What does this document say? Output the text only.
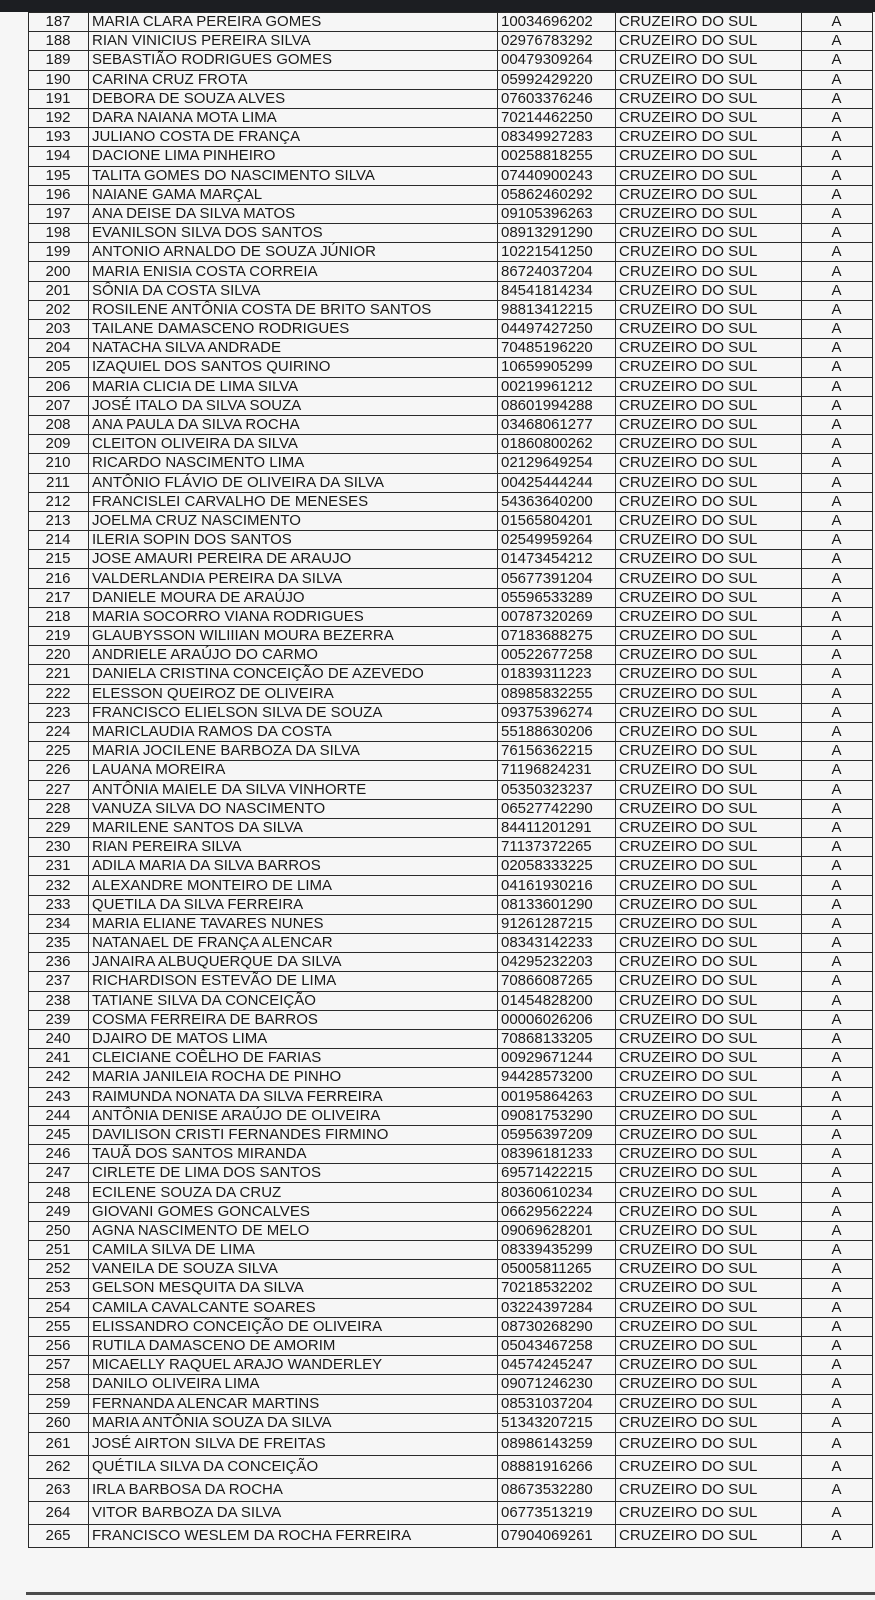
187	MARIA CLARA PEREIRA GOMES	10034696202	CRUZEIRO DO SUL	A
188	RIAN VINICIUS PEREIRA SILVA	02976783292	CRUZEIRO DO SUL	A
189	SEBASTIÃO RODRIGUES GOMES	00479309264	CRUZEIRO DO SUL	A
190	CARINA CRUZ FROTA	05992429220	CRUZEIRO DO SUL	A
191	DEBORA DE SOUZA ALVES	07603376246	CRUZEIRO DO SUL	A
192	DARA NAIANA MOTA LIMA	70214462250	CRUZEIRO DO SUL	A
193	JULIANO COSTA DE FRANÇA	08349927283	CRUZEIRO DO SUL	A
194	DACIONE LIMA PINHEIRO	00258818255	CRUZEIRO DO SUL	A
195	TALITA GOMES DO NASCIMENTO SILVA	07440900243	CRUZEIRO DO SUL	A
196	NAIANE GAMA MARÇAL	05862460292	CRUZEIRO DO SUL	A
197	ANA DEISE DA SILVA MATOS	09105396263	CRUZEIRO DO SUL	A
198	EVANILSON SILVA DOS SANTOS	08913291290	CRUZEIRO DO SUL	A
199	ANTONIO ARNALDO DE SOUZA JÚNIOR	10221541250	CRUZEIRO DO SUL	A
200	MARIA ENISIA COSTA CORREIA	86724037204	CRUZEIRO DO SUL	A
201	SÔNIA DA COSTA SILVA	84541814234	CRUZEIRO DO SUL	A
202	ROSILENE ANTÔNIA COSTA DE BRITO SANTOS	98813412215	CRUZEIRO DO SUL	A
203	TAILANE DAMASCENO RODRIGUES	04497427250	CRUZEIRO DO SUL	A
204	NATACHA SILVA ANDRADE	70485196220	CRUZEIRO DO SUL	A
205	IZAQUIEL DOS SANTOS QUIRINO	10659905299	CRUZEIRO DO SUL	A
206	MARIA CLICIA DE LIMA SILVA	00219961212	CRUZEIRO DO SUL	A
207	JOSÉ ITALO DA SILVA SOUZA	08601994288	CRUZEIRO DO SUL	A
208	ANA PAULA DA SILVA ROCHA	03468061277	CRUZEIRO DO SUL	A
209	CLEITON OLIVEIRA DA SILVA	01860800262	CRUZEIRO DO SUL	A
210	RICARDO NASCIMENTO LIMA	02129649254	CRUZEIRO DO SUL	A
211	ANTÔNIO FLÁVIO DE OLIVEIRA DA SILVA	00425444244	CRUZEIRO DO SUL	A
212	FRANCISLEI CARVALHO DE MENESES	54363640200	CRUZEIRO DO SUL	A
213	JOELMA CRUZ NASCIMENTO	01565804201	CRUZEIRO DO SUL	A
214	ILERIA SOPIN DOS SANTOS	02549959264	CRUZEIRO DO SUL	A
215	JOSE AMAURI PEREIRA DE ARAUJO	01473454212	CRUZEIRO DO SUL	A
216	VALDERLANDIA PEREIRA DA SILVA	05677391204	CRUZEIRO DO SUL	A
217	DANIELE MOURA DE ARAÚJO	05596533289	CRUZEIRO DO SUL	A
218	MARIA SOCORRO VIANA RODRIGUES	00787320269	CRUZEIRO DO SUL	A
219	GLAUBYSSON WILIIIAN MOURA BEZERRA	07183688275	CRUZEIRO DO SUL	A
220	ANDRIELE ARAÚJO DO CARMO	00522677258	CRUZEIRO DO SUL	A
221	DANIELA CRISTINA CONCEIÇÃO DE AZEVEDO	01839311223	CRUZEIRO DO SUL	A
222	ELESSON QUEIROZ DE OLIVEIRA	08985832255	CRUZEIRO DO SUL	A
223	FRANCISCO ELIELSON SILVA DE SOUZA	09375396274	CRUZEIRO DO SUL	A
224	MARICLAUDIA RAMOS DA COSTA	55188630206	CRUZEIRO DO SUL	A
225	MARIA JOCILENE BARBOZA DA SILVA	76156362215	CRUZEIRO DO SUL	A
226	LAUANA MOREIRA	71196824231	CRUZEIRO DO SUL	A
227	ANTÔNIA MAIELE DA SILVA VINHORTE	05350323237	CRUZEIRO DO SUL	A
228	VANUZA SILVA DO NASCIMENTO	06527742290	CRUZEIRO DO SUL	A
229	MARILENE SANTOS DA SILVA	84411201291	CRUZEIRO DO SUL	A
230	RIAN PEREIRA SILVA	71137372265	CRUZEIRO DO SUL	A
231	ADILA MARIA DA SILVA BARROS	02058333225	CRUZEIRO DO SUL	A
232	ALEXANDRE MONTEIRO DE LIMA	04161930216	CRUZEIRO DO SUL	A
233	QUETILA DA SILVA FERREIRA	08133601290	CRUZEIRO DO SUL	A
234	MARIA ELIANE TAVARES NUNES	91261287215	CRUZEIRO DO SUL	A
235	NATANAEL DE FRANÇA ALENCAR	08343142233	CRUZEIRO DO SUL	A
236	JANAIRA ALBUQUERQUE DA SILVA	04295232203	CRUZEIRO DO SUL	A
237	RICHARDISON ESTEVÃO DE LIMA	70866087265	CRUZEIRO DO SUL	A
238	TATIANE SILVA DA CONCEIÇÃO	01454828200	CRUZEIRO DO SUL	A
239	COSMA FERREIRA DE BARROS	00006026206	CRUZEIRO DO SUL	A
240	DJAIRO DE MATOS LIMA	70868133205	CRUZEIRO DO SUL	A
241	CLEICIANE COÊLHO DE FARIAS	00929671244	CRUZEIRO DO SUL	A
242	MARIA JANILEIA ROCHA DE PINHO	94428573200	CRUZEIRO DO SUL	A
243	RAIMUNDA NONATA DA SILVA FERREIRA	00195864263	CRUZEIRO DO SUL	A
244	ANTÔNIA DENISE ARAÚJO DE OLIVEIRA	09081753290	CRUZEIRO DO SUL	A
245	DAVILISON CRISTI FERNANDES FIRMINO	05956397209	CRUZEIRO DO SUL	A
246	TAUÃ DOS SANTOS MIRANDA	08396181233	CRUZEIRO DO SUL	A
247	CIRLETE DE LIMA DOS SANTOS	69571422215	CRUZEIRO DO SUL	A
248	ECILENE SOUZA DA CRUZ	80360610234	CRUZEIRO DO SUL	A
249	GIOVANI GOMES GONCALVES	06629562224	CRUZEIRO DO SUL	A
250	AGNA NASCIMENTO DE MELO	09069628201	CRUZEIRO DO SUL	A
251	CAMILA SILVA DE LIMA	08339435299	CRUZEIRO DO SUL	A
252	VANEILA DE SOUZA SILVA	05005811265	CRUZEIRO DO SUL	A
253	GELSON MESQUITA DA SILVA	70218532202	CRUZEIRO DO SUL	A
254	CAMILA CAVALCANTE SOARES	03224397284	CRUZEIRO DO SUL	A
255	ELISSANDRO CONCEIÇÃO DE OLIVEIRA	08730268290	CRUZEIRO DO SUL	A
256	RUTILA DAMASCENO DE AMORIM	05043467258	CRUZEIRO DO SUL	A
257	MICAELLY RAQUEL ARAJO WANDERLEY	04574245247	CRUZEIRO DO SUL	A
258	DANILO OLIVEIRA LIMA	09071246230	CRUZEIRO DO SUL	A
259	FERNANDA ALENCAR MARTINS	08531037204	CRUZEIRO DO SUL	A
260	MARIA ANTÔNIA SOUZA DA SILVA	51343207215	CRUZEIRO DO SUL	A
261	JOSÉ AIRTON SILVA DE FREITAS	08986143259	CRUZEIRO DO SUL	A
262	QUÉTILA SILVA DA CONCEIÇÃO	08881916266	CRUZEIRO DO SUL	A
263	IRLA BARBOSA DA ROCHA	08673532280	CRUZEIRO DO SUL	A
264	VITOR BARBOZA DA SILVA	06773513219	CRUZEIRO DO SUL	A
265	FRANCISCO WESLEM DA ROCHA FERREIRA	07904069261	CRUZEIRO DO SUL	A
